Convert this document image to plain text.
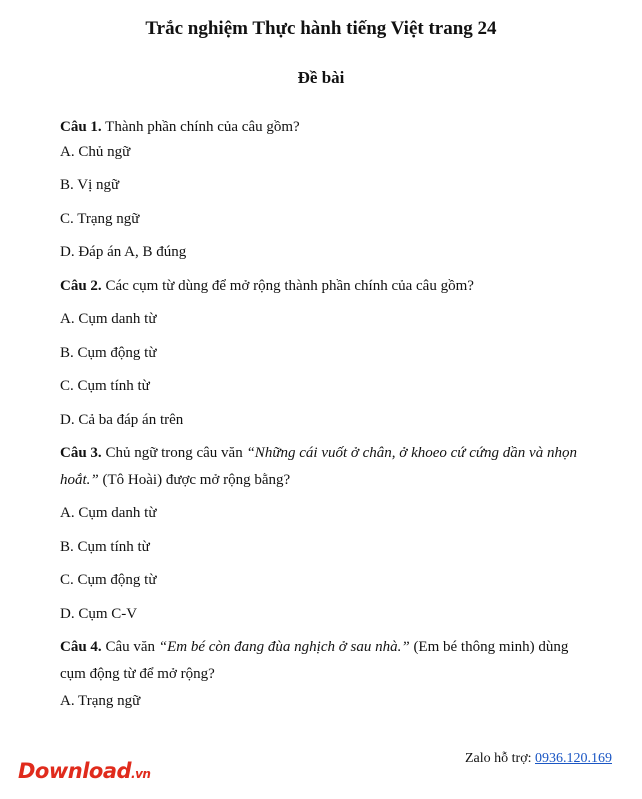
Trắc nghiệm Thực hành tiếng Việt trang 24
Đề bài
Câu 1. Thành phần chính của câu gồm?
A. Chủ ngữ
B. Vị ngữ
C. Trạng ngữ
D. Đáp án A, B đúng
Câu 2. Các cụm từ dùng để mở rộng thành phần chính của câu gồm?
A. Cụm danh từ
B. Cụm động từ
C. Cụm tính từ
D. Cả ba đáp án trên
Câu 3. Chủ ngữ trong câu văn “Những cái vuốt ở chân, ở khoeo cứ cứng dần và nhọn
hoắt.” (Tô Hoài) được mở rộng bằng?
A. Cụm danh từ
B. Cụm tính từ
C. Cụm động từ
D. Cụm C-V
Câu 4. Câu văn “Em bé còn đang đùa nghịch ở sau nhà.” (Em bé thông minh) dùng
cụm động từ để mở rộng?
A. Trạng ngữ
Download.vn
Zalo hỗ trợ: 0936.120.169
